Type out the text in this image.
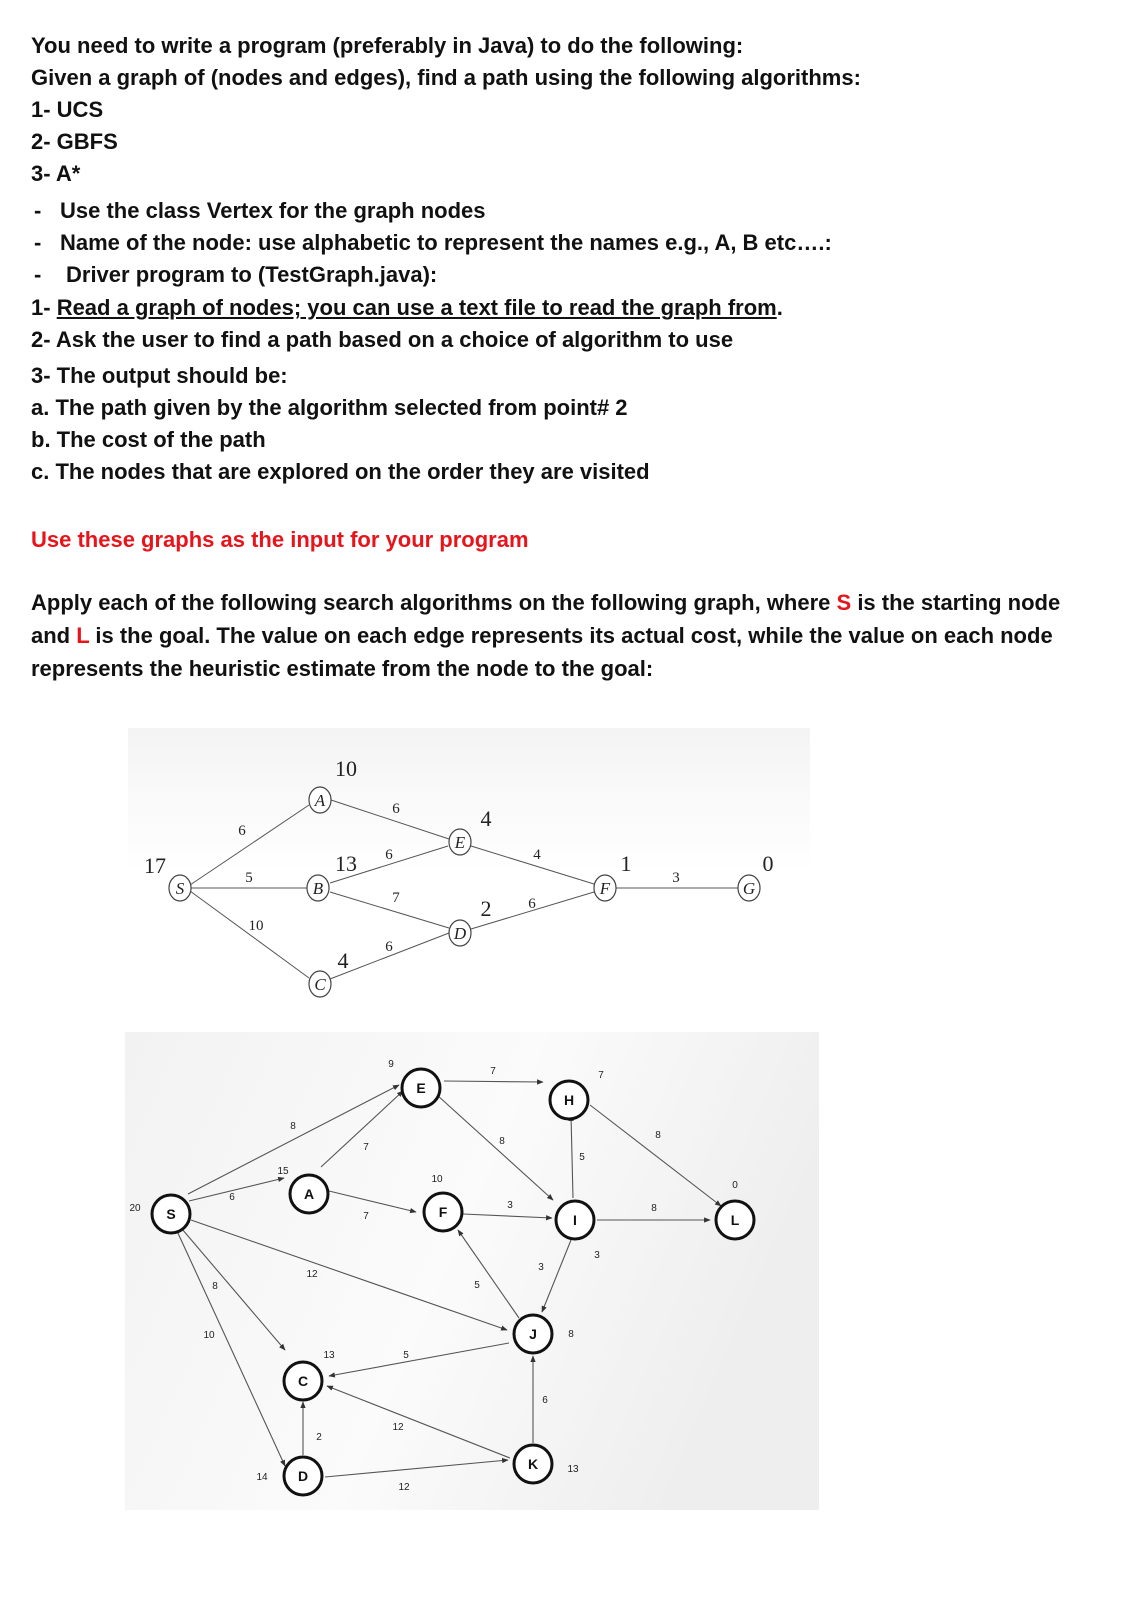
You need to write a program (preferably in Java) to do the following:
Given a graph of (nodes and edges), find a path using the following algorithms:
1- UCS
2- GBFS
3- A*
- Use the class Vertex for the graph nodes
- Name of the node: use alphabetic to represent the names e.g., A, B etc….:
- Driver program to (TestGraph.java):
1- Read a graph of nodes; you can use a text file to read the graph from.
2- Ask the user to find a path based on a choice of algorithm to use
3- The output should be:
a. The path given by the algorithm selected from point# 2
b. The cost of the path
c. The nodes that are explored on the order they are visited
Use these graphs as the input for your program
Apply each of the following search algorithms on the following graph, where S is the starting node and L is the goal. The value on each edge represents its actual cost, while the value on each node represents the heuristic estimate from the node to the goal:
S
A
B
C
D
E
F	G
17
10
13
4
2
4
1	0
6
5
10
6
6
7
6
4
6
3
S
A
C
D
E
F
H
I
J
K
L
20
15
13
14
9
10
7
3
8
13
0
6
8
8
10
12
7
7
7
8
3
5
3
5
8
8
5
12
2
12
6
